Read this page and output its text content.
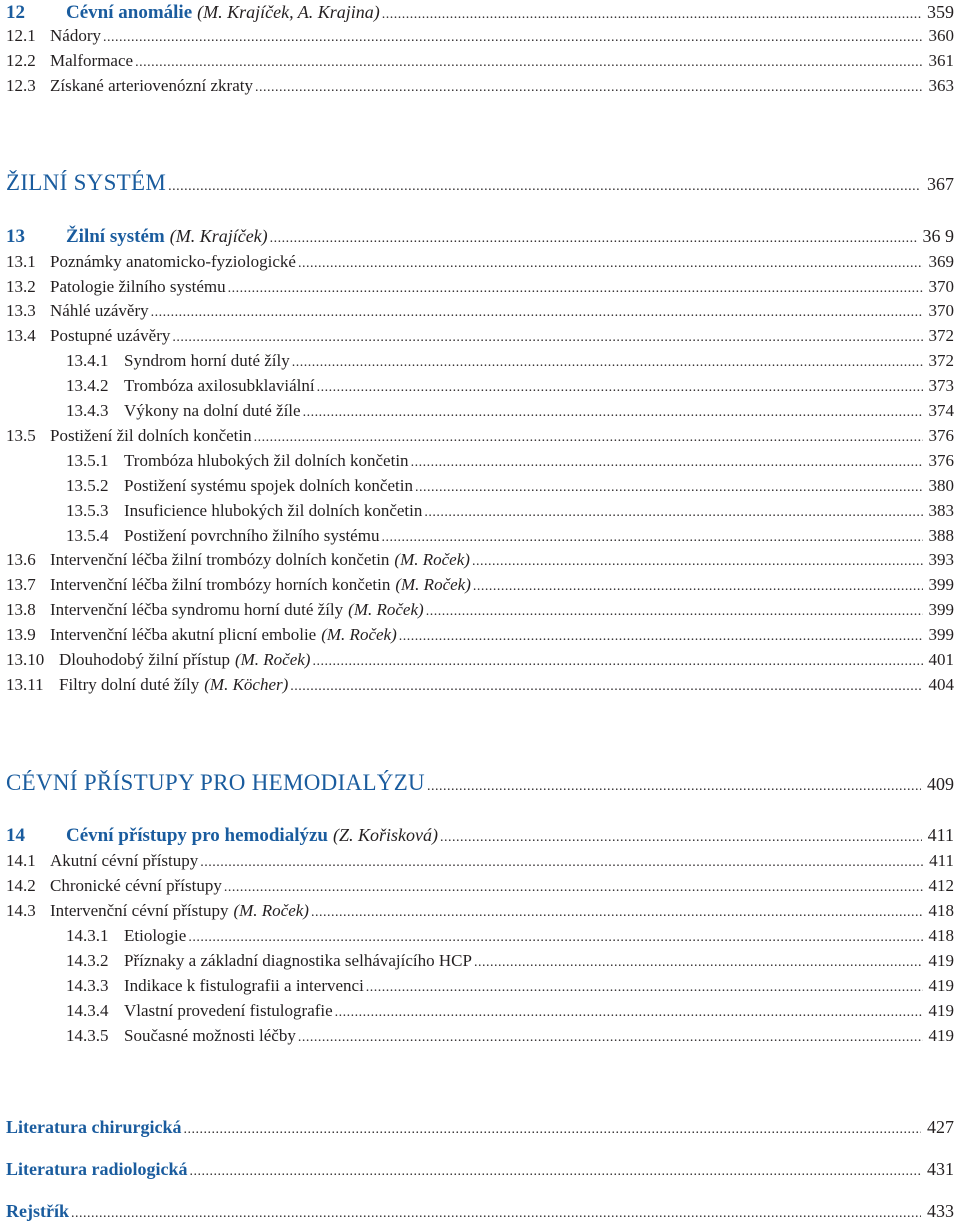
12	Cévní anomálie (M. Krajíček, A. Krajina) .....	359
12.1 Nádory .....	360
12.2 Malformace .....	361
12.3 Získané arteriovenózní zkraty .....	363
ŽILNÍ SYSTÉM .....	367
13	Žilní systém (M. Krajíček) .....	36 9
13.1 Poznámky anatomicko-fyziologické .....	369
13.2 Patologie žilního systému .....	370
13.3 Náhlé uzávěry .....	370
13.4 Postupné uzávěry .....	372
13.4.1 Syndrom horní duté žíly .....	372
13.4.2 Trombóza axilosubklaviální .....	373
13.4.3 Výkony na dolní duté žíle .....	374
13.5 Postižení žil dolních končetin .....	376
13.5.1 Trombóza hlubokých žil dolních končetin .....	376
13.5.2 Postižení systému spojek dolních končetin .....	380
13.5.3 Insuficience hlubokých žil dolních končetin .....	383
13.5.4 Postižení povrchního žilního systému .....	388
13.6 Intervenční léčba žilní trombózy dolních končetin (M. Roček) .....	393
13.7 Intervenční léčba žilní trombózy horních končetin (M. Roček) .....	399
13.8 Intervenční léčba syndromu horní duté žíly (M. Roček) .....	399
13.9 Intervenční léčba akutní plicní embolie (M. Roček) .....	399
13.10 Dlouhodobý žilní přístup (M. Roček) .....	401
13.11 Filtry dolní duté žíly (M. Köcher) .....	404
CÉVNÍ PŘÍSTUPY PRO HEMODIALÝZU .....	409
14	Cévní přístupy pro hemodialýzu (Z. Kořisková) .....	411
14.1 Akutní cévní přístupy .....	411
14.2 Chronické cévní přístupy .....	412
14.3 Intervenční cévní přístupy (M. Roček) .....	418
14.3.1 Etiologie .....	418
14.3.2 Příznaky a základní diagnostika selhávajícího HCP .....	419
14.3.3 Indikace k fistulografii a intervenci .....	419
14.3.4 Vlastní provedení fistulografie .....	419
14.3.5 Současné možnosti léčby .....	419
Literatura chirurgická .....	427
Literatura radiologická .....	431
Rejstřík .....	433
